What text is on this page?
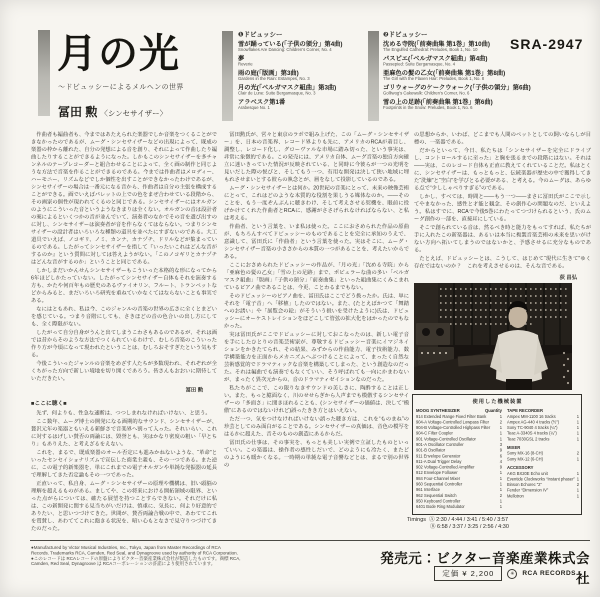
月の光
〜ドビュッシーによるメルヘンの世界
冨田 勲 〈シンセサイザー〉
❶ドビュッシー
雪が踊っている(「子供の領分」第4曲)
Snowflakes Are Dancing: Children's Corner, No. 4
夢
Reverie
雨の庭(「版画」第3曲)
Gardens in the Rain: Estampes, No. 3
月の光(「ベルガマスク組曲」第3曲)
Clair de Lune: Suite Bergamasque, No. 3
アラベスク第1番
Arabesque No. 1
❷ドビュッシー
沈める寺院(「前奏曲集 第1巻」第10曲)
The Engulfed Cathedral: Preludes, Book 1, No. 10
パスピエ(「ベルガマスク組曲」第4曲)
Passepied: Suite Bergamasque, No. 4
亜麻色の髪の乙女(「前奏曲集 第1巻」第8曲)
The Girl with the Flaxen Hair: Preludes, Book 1, No. 8
ゴリウォーグのケークウォーク(「子供の領分」第6曲)
Golliwog's Cakewalk: Children's Corner, No. 6
雪の上の足跡(「前奏曲集 第1巻」第6曲)
Footprints in the Snow: Preludes, Book 1, No. 6
SRA-2947

作曲者も編曲者も、今まではあたえられた楽器でしか音楽をつくることができなかったのであるが、ムーグ・シンセサイザーなどの出現によって、既成の楽器の枠から離れた、自分の発想による音を創り、それによって作曲したり編曲したりすることができるようになった。しかもこのシンセサイザーを多チャンネルのテープレコーダーと組合わせることによって、全く画の制作と同じような方法で音楽を作ることができるのである。今までは作曲者はメロディー、ハーモニー、リズムなどでしか個性を出すことができなかったわけであるが、シンセサイザーの場合は一番元になる音から、作曲者は自分の主張を構成することができる。画でいえばパレットの上での色をまぜ合わせている段階から、その画家の個性が現われてくるのと同じである。シンセサイザーにはオルガンのようにこういった音というようなきまりは全くない。オルガンの音は設計者の案によるといくつかの音が並んでいて、演奏者のなかでその音を選び出すのに対し、シンセサイザーは演奏者が音を作らなくてはならない。つまりシンセサイザーの設計者はいろいろな種類の道具を並べたにすぎないのである。大工道具でいえば、ノコギリ、ノミ、カンナ、カナヅチ、ドリルなどが集まっているのである。したがってシンセサイザーを指して『いったいこれはどんな音がするのか』という質問に対しては答えようがない。「このノコギリとカナヅチはどんな音がするのか」ということと同じである。

しかしまだいかんせんシンセサイザーもこういった本格的な形になってから6年ほどしかたっていない。したがってシンセサイザー自体もそれを演奏する方も、かたや何百年もの歴史のあるヴァイオリン、フルート、トランペットなどからみると、まだいろいろ研究を重ねていかなくてはならないことも事実である。

なにはともあれ、私は今、このジャンルの音楽の世界の広さに全くとまどいを感じている。つまり音階にしても、さきほどの音の色合いの出し方にしても、全く際限がない。

したがって自分自身がうんと出てしまうこわさもあるのであるが、それは画では昔からそのような方法でつくられているわけで、むしろ音楽のこういった作り方が今頃になって現われたということは、むしろおそすぎたという気もする。

今後こういったジャンルの音楽をめざす人たちが多数現われ、それぞれが全くちがった方向で新しい境地を切り開くであろう。皆さんもおおいに期待していただきたい。

冨田 勲
■ここに聴く■

先ず、何よりも、性急な速断は、つつしまれなければいけない、と思う。

ここ数年、ムーグ博士の開発になる画期的なサウンド、シンセサイザーが、贅沢元年の楽器ともいえる新鮮さで音楽界へ割って入った。それいらい、これに対するはげしい賛否の両論には、毀誉とも、実はかなり密度の粗い「早とちり」もありえた、と考えざるをえない。

これを、まるで、既成楽器のオール否定にも進みかねないような、“革命”といったセンセイショナリズムで宣伝した商業主義も、その一つである。また逆に、この電子的新楽器を、単にこれまでの電子オルガンや単純な発振器の延長で理解してきた否定論もその一つであった。

正直いって、私自身、ムーグ・シンセサイザーの原理や機構は、旧い頭脳の理解を超えるものがある。ましてや、この将来における開拓領域の限界、といった点がらについては、確たる展望を持つことすらできない。それだけに私は、この新開発に関する見当ちがいだけは、慎重に、気長に、何より好意的でありたい、と思いつづけてきた。世間が、賛否両論合戦の中で、あわててこれを賞賛し、あわててこれに飽きる状況を、暗い心もとなさで見守りつづけてきたのだった。

冨田勲氏が、営々と東京のラボで組み上げた、この「ムーグ・シンセサイザー」を、日本の音楽界、レコード界よりも先に、アメリカのRCAが着目し、調整し、レコード化し、グローヴァルな市場に踏み切った、という事実は、非常に象徴的である。この発売には、アメリカ自体、ムーグ音楽の独自方向確立に迷いきっていた情況が反映されている、と同時に今彼らが一つの光明を見いだした際の悦びと、そしてもう一つ、有用な開発は決して狭い地域に埋もれさせまいとする彼らの執念とが、層をなして投影しているのである。

ムーグ・シンセサイザーとは何か。20世紀の音楽にとって、未来の映像芸術にとって、これはどのような本質的な役割を果しうる媒体なのか。――そのことを、もう一度ぞんぶんに聴きわけ、そして考えさせる契機を、眼前に投げかけてくれた作曲者とRCAに、感謝がささげられなければならない、と私は考える。

作曲者、という言葉を、いま私は使った。ここにおさめられた作品の原曲が、もちろんすべてドビュッシーのものであることを完全に承知のうえで、意識して、冨田氏に「作曲者」という言葉を使った。実はそこに、ムーグ・シンセサイザー音楽の小ささからの本質の一つがあることを、考えたいからである。

ここにおさめられたドビュッシーの作品が、「月の光」「沈める寺院」から「亜麻色の髪の乙女」「雪の上の足跡」まで、ポピュラーな曲の多い「ベルガマスク組曲」「版画」「子供の領分」「前奏曲集」といった組曲集にくみこまれているピアノ曲であることは、今更、ことわるまでもない。

そのドビュッシーのピアノ曲を、冨田氏はここでどう扱ったか。氏は、単にそれを「電子音」へ「移植」したのではない。また、(たとえばかつて「舞踏へのお誘い」や「展覧会の絵」がそういう扱いを受けたように)氏は、ドビュッシーにオーケストレイションをほどこして管弦の拡大化をはかったのでもなかった。

実は冨田氏がここでドビュッシーに対しておこなったのは、新しい電子音を手にしたひとりの音楽芸術家が、尊敬するドビュッシー音楽にイマジネイションをかきたてられ、その結果、みずからの作曲能力、電子技術能力、数学構築能力を正面からメカニズムへぶつけることによって、まったく自然な芸術感覚的でドラマティックな音楽を構築してしまった、という創造なのだった。それは編曲でも演奏でもなくていい、そう呼ばれても一向にかまわないが、まったく異次元からの、音のドラマティゼイションなのだった。

私たちがここで、この限りなきサウンドの美しさに、陶酔することは正しい。また、もっと臆面なく、川のせせらぎから人声までも模倣するシンセサイザーの「多面さ」に聞きほれることも、(シンセサイザーの価値は、決して“模倣”にあるのではないけれど)誤ったきき方とはいえない。

ただ一つ、気をつけなければいけない誤った聴き方は、これを“ものまね”の珍芸としてのみ面白がることである。シンセサイザーの真価は、音色の模写をはるかに超えた、音そのものの創造にあるからだ。

冨田氏の仕事は、その事実を、もっとも美しい実例で立証したものといっていい。この楽器は、操作者の感性しだいで、どのようにも冷たく、またどのようにも暖かくなる。一時期の単純な電子音響などとは、まるで別の世界の

の思想からか、いわば、どこまでも人間のペットとしての飼いならしが目標の、一楽器である。

だからといって、今日、私たちは「シンセサイザーを完全にドライブし、コントロールするに至った」と胸を張るまでの段階にはない。それは――実は、このレコード自体も正直に教えてくれていることだ。私はとくに、シンセサイザーは、もっともっと、伝統楽器が歴史の中で獲得してきた“洗煉”と“空白”を学びとる必要がある、と考える。今のムーグは、あらゆる点で“少ししゃべりすぎる”のである。

しかし、すべては、時間と――もう一つ――まさに冨田氏がここで示してやまなかった、感性と才能と観念、その創作心の問題なのだ、といえよう。私はすでに、RCAで今後5巻にわたってつづけられるという、氏のムーグ創作の一部を、直接耳にしている。

そこで創られている音は、然るべき時と能力をもってすれば、私たちが手に入れたこの新楽器は、あるいは本当に複製音楽芸術の未来を思いがけない方向へ拓いてしまうのではないかと、予感させるに充分なものである。

たとえば、ドビュッシーとは、こうして、はじめて“現代に生きて”ゆく存在ではないのか？　これを考えさせるのは、そんな音である。

荻 昌弘
使用した機械装置
MOOG SYNTHESIZER	Quantity
914 Extended Range Fixed Filter Bank	1
904-A Voltage-Controlled Lowpass Filter	2
904-B Voltage-Controlled Highpass Filter	1
904-C Filter Coupler	1
901 Voltage-Controlled Oscillator	1
901-A Oscillator Controller	3
901-B Oscillator	9
911 Envelope Generator	6
911-A Dual Trigger Delay	4
902 Voltage-Controlled Amplifier	9
912 Envelope Follower	1
984 Four-Channel Mixer	1
960 Sequential Controller	1
961 Interface	1
962 Sequential Switch	2
950 Keyboard Controller	1
6401 Bode Ring Modulator	1
TAPE RECORDER
Ampex MM-1100 16 tracks	1
Ampex AG-440 4 tracks (½")	1
Sony TC-9040 4 tracks (¼")	1
Teac A-3340S 4 tracks (¼")	1
Teac 7030GSL 2 tracks	1
MIXER
Sony MX-16 (8-CH)	2
Sony MX-12 (6-CH)	1
ACCESSORY
AKG BX20E Echo unit	1
Eventide Clockworks “Instant phaser” 1
Binson Echorec “2”	2
Fender “Dimension IV”	1
Mellotron	1
Timings Ⓐ 2:30 / 4:44 / 3:41 / 5:40 / 3:57
Ⓑ 6:58 / 3:37 / 3:25 / 2:56 / 4:30
●Manufactured by Victor Musical Industries, Inc., Tokyo, Japan from Master Recordings of RCA
Records. Trademarks RCA, Camden, Red Seal, and Dynagroove used by authority of RCA Corporation.
●このレコードは RCAレコードの原盤によりビクター音楽産業株式会社が製造したものです。商標 RCA,
Camden, Red Seal, Dynagroove は RCAコーポレーションの許諾により使用されています。	発売元：ビクター音楽産業株式会社
定価 ¥ 2,200	✳	RCA RECORDS
